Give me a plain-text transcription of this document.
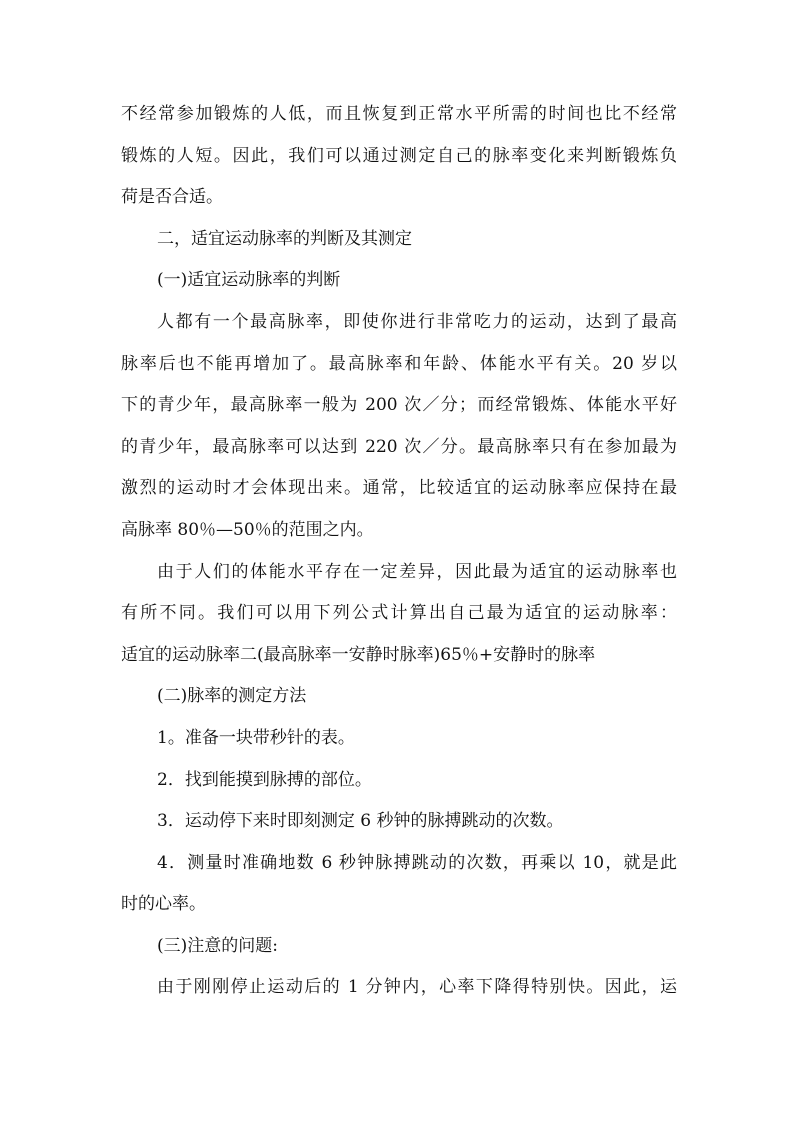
不经常参加锻炼的人低，而且恢复到正常水平所需的时间也比不经常
锻炼的人短。因此，我们可以通过测定自己的脉率变化来判断锻炼负
荷是否合适。
二，适宜运动脉率的判断及其测定
(一)适宜运动脉率的判断
人都有一个最高脉率，即使你进行非常吃力的运动，达到了最高
脉率后也不能再增加了。最高脉率和年龄、体能水平有关。20 岁以
下的青少年，最高脉率一般为 200 次／分；而经常锻炼、体能水平好
的青少年，最高脉率可以达到 220 次／分。最高脉率只有在参加最为
激烈的运动时才会体现出来。通常，比较适宜的运动脉率应保持在最
高脉率 80％—50％的范围之内。
由于人们的体能水平存在一定差异，因此最为适宜的运动脉率也
有所不同。我们可以用下列公式计算出自己最为适宜的运动脉率：
适宜的运动脉率二(最高脉率一安静时脉率)65％+安静时的脉率
(二)脉率的测定方法
1。准备一块带秒针的表。
2．找到能摸到脉搏的部位。
3．运动停下来时即刻测定 6 秒钟的脉搏跳动的次数。
4．测量时准确地数 6 秒钟脉搏跳动的次数，再乘以 10，就是此
时的心率。
(三)注意的问题:
由于刚刚停止运动后的 1 分钟内，心率下降得特别快。因此，运
